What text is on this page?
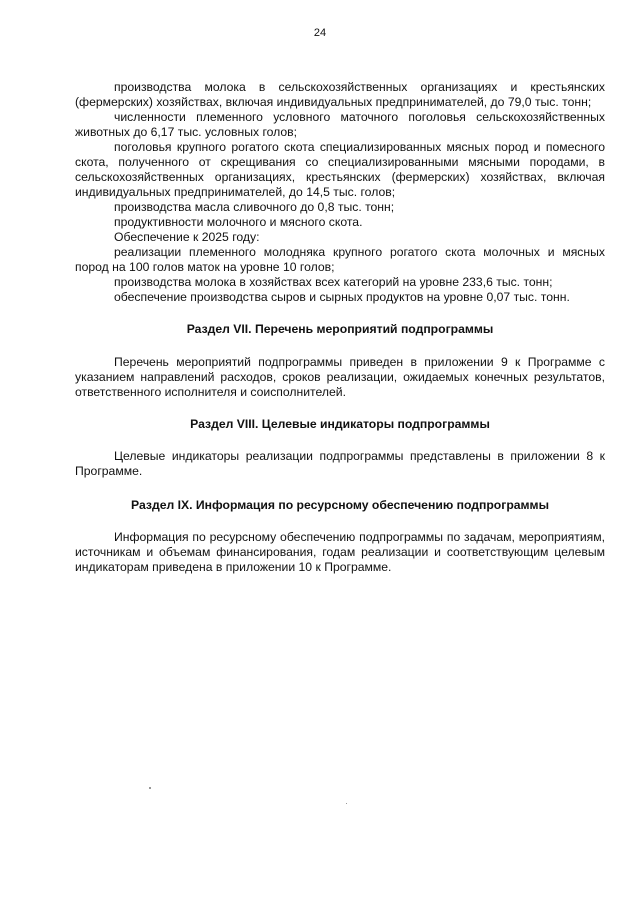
24

производства молока в сельскохозяйственных организациях и крестьянских (фермерских) хозяйствах, включая индивидуальных предпринимателей, до 79,0 тыс. тонн;

численности племенного условного маточного поголовья сельскохозяйственных животных до 6,17 тыс. условных голов;

поголовья крупного рогатого скота специализированных мясных пород и помесного скота, полученного от скрещивания со специализированными мясными породами, в сельскохозяйственных организациях, крестьянских (фермерских) хозяйствах, включая индивидуальных предпринимателей, до 14,5 тыс. голов;

производства масла сливочного до 0,8 тыс. тонн;

продуктивности молочного и мясного скота.

Обеспечение к 2025 году:

реализации племенного молодняка крупного рогатого скота молочных и мясных пород на 100 голов маток на уровне 10 голов;

производства молока в хозяйствах всех категорий на уровне 233,6 тыс. тонн;

обеспечение производства сыров и сырных продуктов на уровне 0,07 тыс. тонн.

Раздел VII. Перечень мероприятий подпрограммы

Перечень мероприятий подпрограммы приведен в приложении 9 к Программе с указанием направлений расходов, сроков реализации, ожидаемых конечных результатов, ответственного исполнителя и соисполнителей.

Раздел VIII. Целевые индикаторы подпрограммы

Целевые индикаторы реализации подпрограммы представлены в приложении 8 к Программе.

Раздел IX. Информация по ресурсному обеспечению подпрограммы

Информация по ресурсному обеспечению подпрограммы по задачам, мероприятиям, источникам и объемам финансирования, годам реализации и соответствующим целевым индикаторам приведена в приложении 10 к Программе.
